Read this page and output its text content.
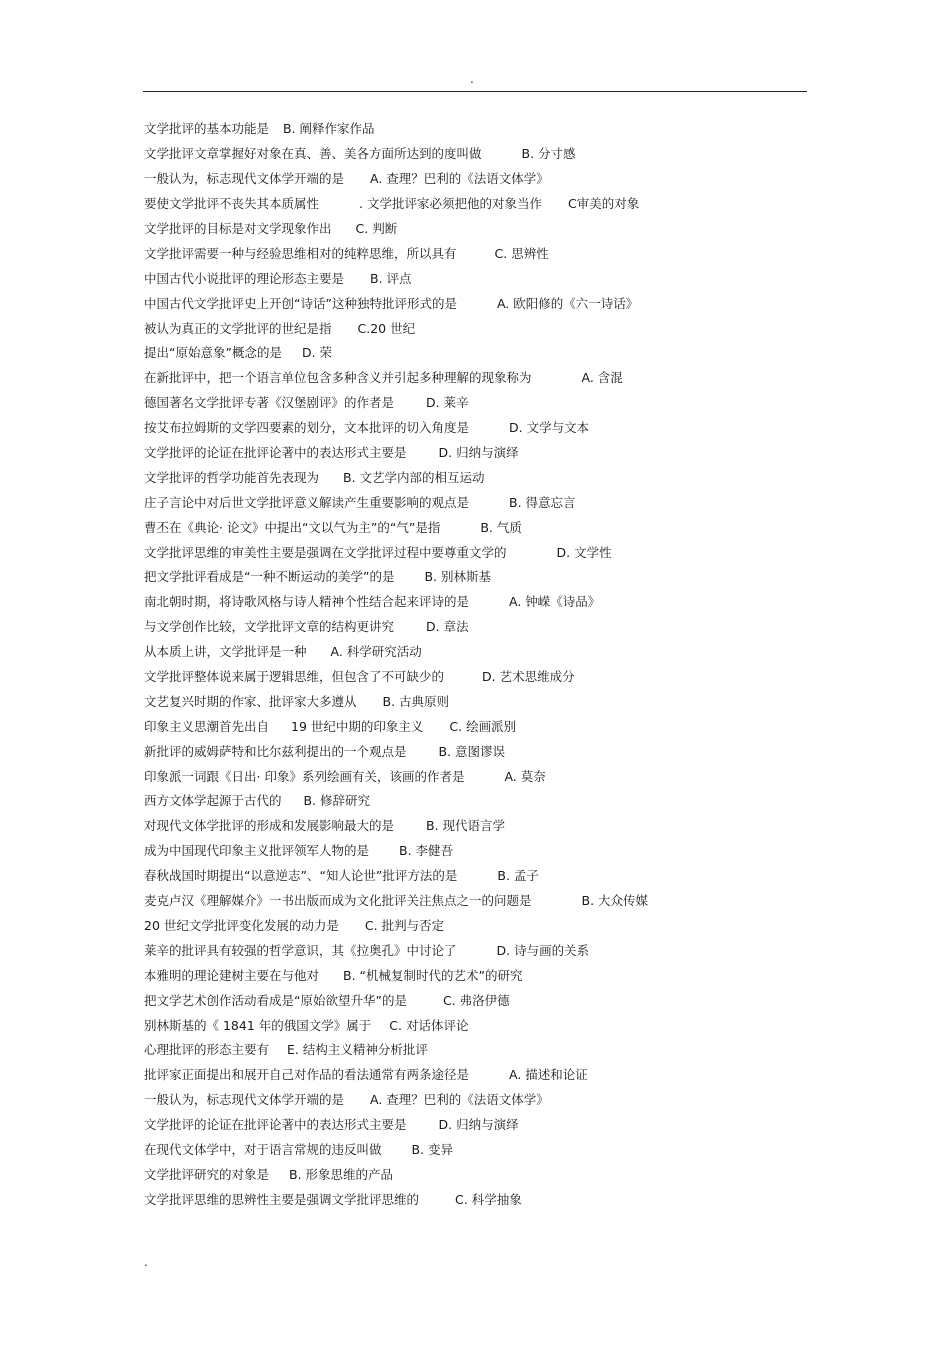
.
文学批评的基本功能是 B. 阐释作家作品
文学批评文章掌握好对象在真、善、美各方面所达到的度叫做	B. 分寸感
一般认为，标志现代文体学开端的是 A. 查理？巴利的《法语文体学》
要使文学批评不丧失其本质属性	. 文学批评家必须把他的对象当作 C审美的对象
文学批评的目标是对文学现象作出 C. 判断
文学批评需要一种与经验思维相对的纯粹思维，所以具有	C. 思辨性
中国古代小说批评的理论形态主要是 B. 评点
中国古代文学批评史上开创“诗话”这种独特批评形式的是	A. 欧阳修的《六一诗话》
被认为真正的文学批评的世纪是指 C.20 世纪
提出“原始意象”概念的是 D. 荣
在新批评中，把一个语言单位包含多种含义并引起多种理解的现象称为	A. 含混
德国著名文学批评专著《汉堡剧评》的作者是	D. 莱辛
按艾布拉姆斯的文学四要素的划分，文本批评的切入角度是	D. 文学与文本
文学批评的论证在批评论著中的表达形式主要是	D. 归纳与演绎
文学批评的哲学功能首先表现为 B. 文艺学内部的相互运动
庄子言论中对后世文学批评意义解读产生重要影响的观点是	B. 得意忘言
曹丕在《典论· 论文》中提出“文以气为主”的“气”是指	B. 气质
文学批评思维的审美性主要是强调在文学批评过程中要尊重文学的	D. 文学性
把文学批评看成是“一种不断运动的美学”的是 B. 别林斯基
南北朝时期，将诗歌风格与诗人精神个性结合起来评诗的是	A. 钟嵘《诗品》
与文学创作比较，文学批评文章的结构更讲究	D. 章法
从本质上讲，文学批评是一种 A. 科学研究活动
文学批评整体说来属于逻辑思维，但包含了不可缺少的	D. 艺术思维成分
文艺复兴时期的作家、批评家大多遵从 B. 古典原则
印象主义思潮首先出自 19 世纪中期的印象主义 C. 绘画派别
新批评的威姆萨特和比尔兹利提出的一个观点是	B. 意图谬误
印象派一词跟《日出· 印象》系列绘画有关，该画的作者是	A. 莫奈
西方文体学起源于古代的 B. 修辞研究
对现代文体学批评的形成和发展影响最大的是	B. 现代语言学
成为中国现代印象主义批评领军人物的是 B. 李健吾
春秋战国时期提出“以意逆志”、“知人论世”批评方法的是	B. 孟子
麦克卢汉《理解媒介》一书出版而成为文化批评关注焦点之一的问题是	B. 大众传媒
20 世纪文学批评变化发展的动力是 C. 批判与否定
莱辛的批评具有较强的哲学意识，其《拉奥孔》中讨论了	D. 诗与画的关系
本雅明的理论建树主要在与他对 B. “机械复制时代的艺术”的研究
把文学艺术创作活动看成是“原始欲望升华”的是	C. 弗洛伊德
别林斯基的《 1841 年的俄国文学》属于 C. 对话体评论
心理批评的形态主要有 E. 结构主义精神分析批评
批评家正面提出和展开自己对作品的看法通常有两条途径是	A. 描述和论证
一般认为，标志现代文体学开端的是 A. 查理？巴利的《法语文体学》
文学批评的论证在批评论著中的表达形式主要是	D. 归纳与演绎
在现代文体学中，对于语言常规的违反叫做 B. 变异
文学批评研究的对象是 B. 形象思维的产品
文学批评思维的思辨性主要是强调文学批评思维的	C. 科学抽象
.
